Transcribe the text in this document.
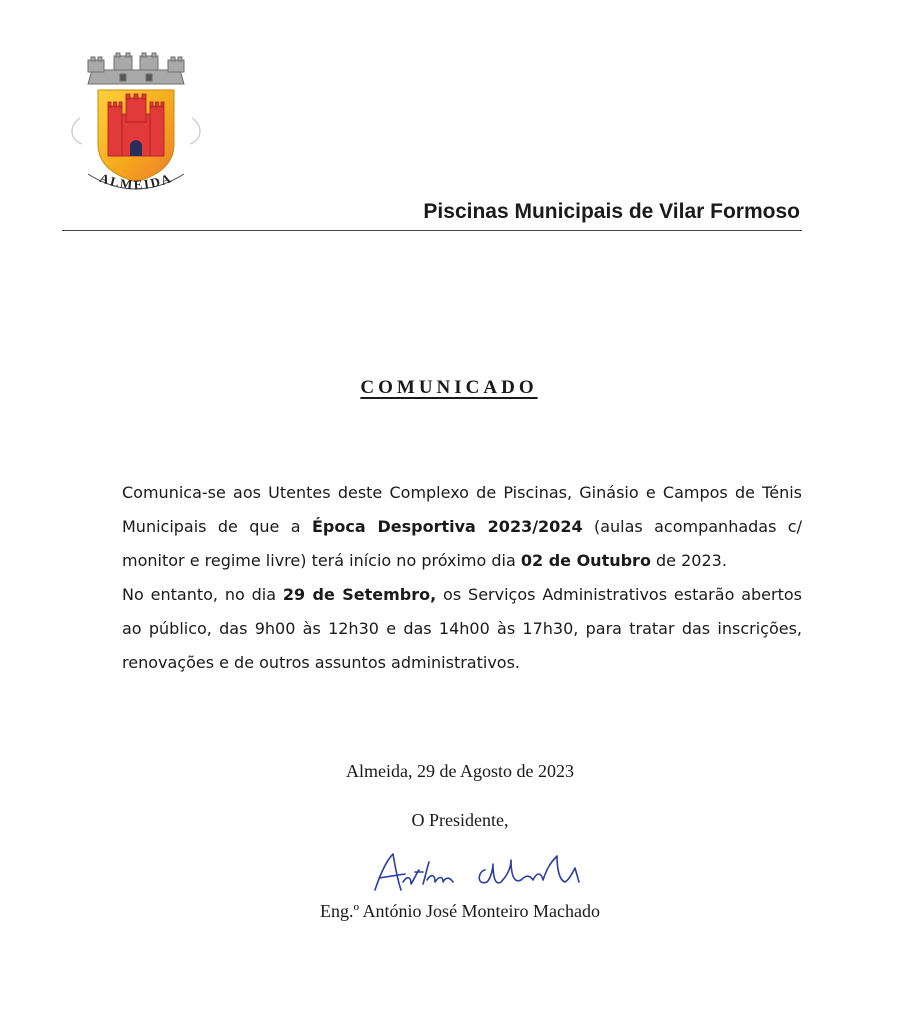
ALMEIDA
Piscinas Municipais de Vilar Formoso
COMUNICADO

Comunica-se aos Utentes deste Complexo de Piscinas, Ginásio e Campos de Ténis Municipais de que a Época Desportiva 2023/2024 (aulas acompanhadas c/ monitor e regime livre) terá início no próximo dia 02 de Outubro de 2023.

No entanto, no dia 29 de Setembro, os Serviços Administrativos estarão abertos ao público, das 9h00 às 12h30 e das 14h00 às 17h30, para tratar das inscrições, renovações e de outros assuntos administrativos.

Almeida, 29 de Agosto de 2023
O Presidente,
Eng.º António José Monteiro Machado
